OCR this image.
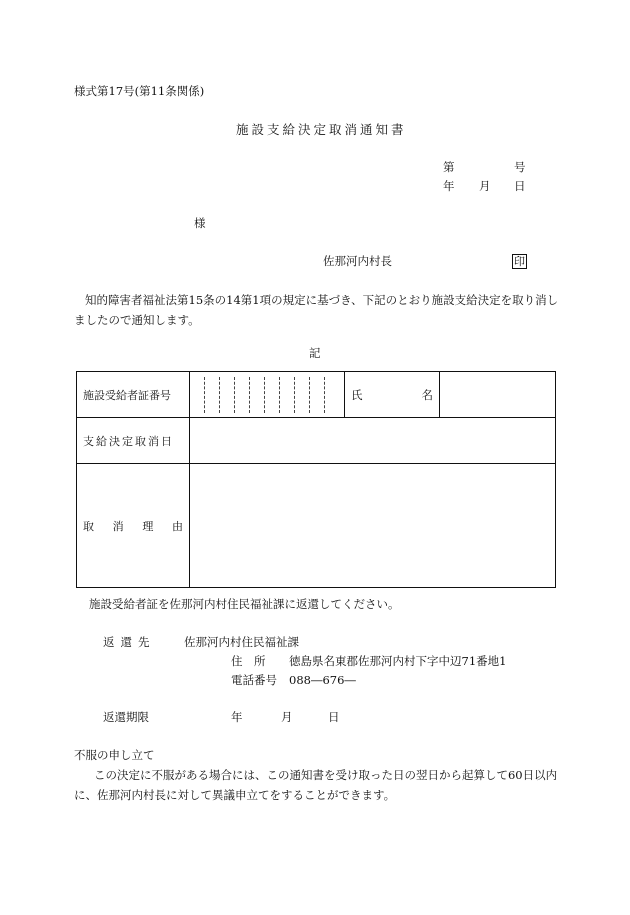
様式第17号(第11条関係)
施設支給決定取消通知書
第	号
年 月 日
様
佐那河内村長	印
知的障害者福祉法第15条の14第1項の規定に基づき、下記のとおり施設支給決定を取り消しましたので通知します。
記
施設受給者証番号		氏 名	

支給決定取消日			

取 消 理 由			

施設受給者証を佐那河内村住民福祉課に返還してください。
返還先 佐那河内村住民福祉課
住　所 徳島県名東郡佐那河内村下字中辺71番地1
電話番号 088―676―
返還期限	年	月	日
不服の申し立て
この決定に不服がある場合には、この通知書を受け取った日の翌日から起算して60日以内に、佐那河内村長に対して異議申立てをすることができます。
